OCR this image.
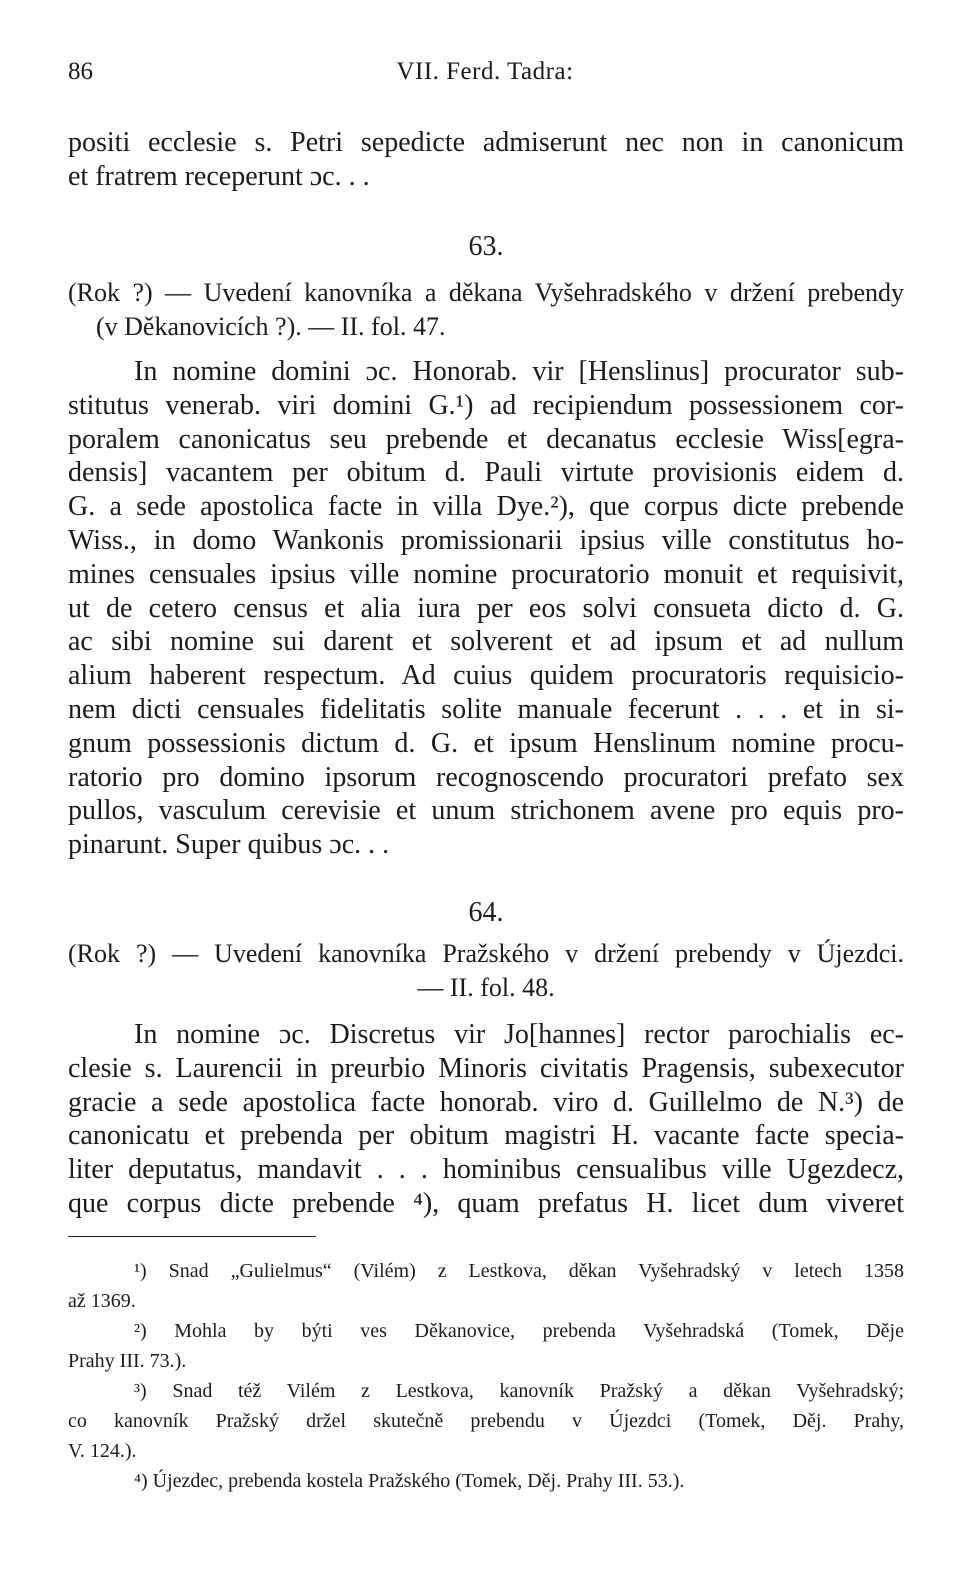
86	VII. Ferd. Tadra:
positi ecclesie s. Petri sepedicte admiserunt nec non in canonicum
et fratrem receperunt ɔc. . .
63.
(Rok ?) — Uvedení kanovníka a děkana Vyšehradského v držení prebendy
(v Děkanovicích ?). — II. fol. 47.
In nomine domini ɔc. Honorab. vir [Henslinus] procurator sub-
stitutus venerab. viri domini G.¹) ad recipiendum possessionem cor-
poralem canonicatus seu prebende et decanatus ecclesie Wiss[egra-
densis] vacantem per obitum d. Pauli virtute provisionis eidem d.
G. a sede apostolica facte in villa Dye.²), que corpus dicte prebende
Wiss., in domo Wankonis promissionarii ipsius ville constitutus ho-
mines censuales ipsius ville nomine procuratorio monuit et requisivit,
ut de cetero census et alia iura per eos solvi consueta dicto d. G.
ac sibi nomine sui darent et solverent et ad ipsum et ad nullum
alium haberent respectum. Ad cuius quidem procuratoris requisicio-
nem dicti censuales fidelitatis solite manuale fecerunt . . . et in si-
gnum possessionis dictum d. G. et ipsum Henslinum nomine procu-
ratorio pro domino ipsorum recognoscendo procuratori prefato sex
pullos, vasculum cerevisie et unum strichonem avene pro equis pro-
pinarunt. Super quibus ɔc. . .
64.
(Rok ?) — Uvedení kanovníka Pražského v držení prebendy v Újezdci.
— II. fol. 48.
In nomine ɔc. Discretus vir Jo[hannes] rector parochialis ec-
clesie s. Laurencii in preurbio Minoris civitatis Pragensis, subexecutor
gracie a sede apostolica facte honorab. viro d. Guillelmo de N.³) de
canonicatu et prebenda per obitum magistri H. vacante facte specia-
liter deputatus, mandavit . . . hominibus censualibus ville Ugezdecz,
que corpus dicte prebende ⁴), quam prefatus H. licet dum viveret
¹) Snad „Gulielmus“ (Vilém) z Lestkova, děkan Vyšehradský v letech 1358
až 1369.
²) Mohla by býti ves Děkanovice, prebenda Vyšehradská (Tomek, Děje
Prahy III. 73.).
³) Snad též Vilém z Lestkova, kanovník Pražský a děkan Vyšehradský;
co kanovník Pražský držel skutečně prebendu v Újezdci (Tomek, Děj. Prahy,
V. 124.).
⁴) Újezdec, prebenda kostela Pražského (Tomek, Děj. Prahy III. 53.).
